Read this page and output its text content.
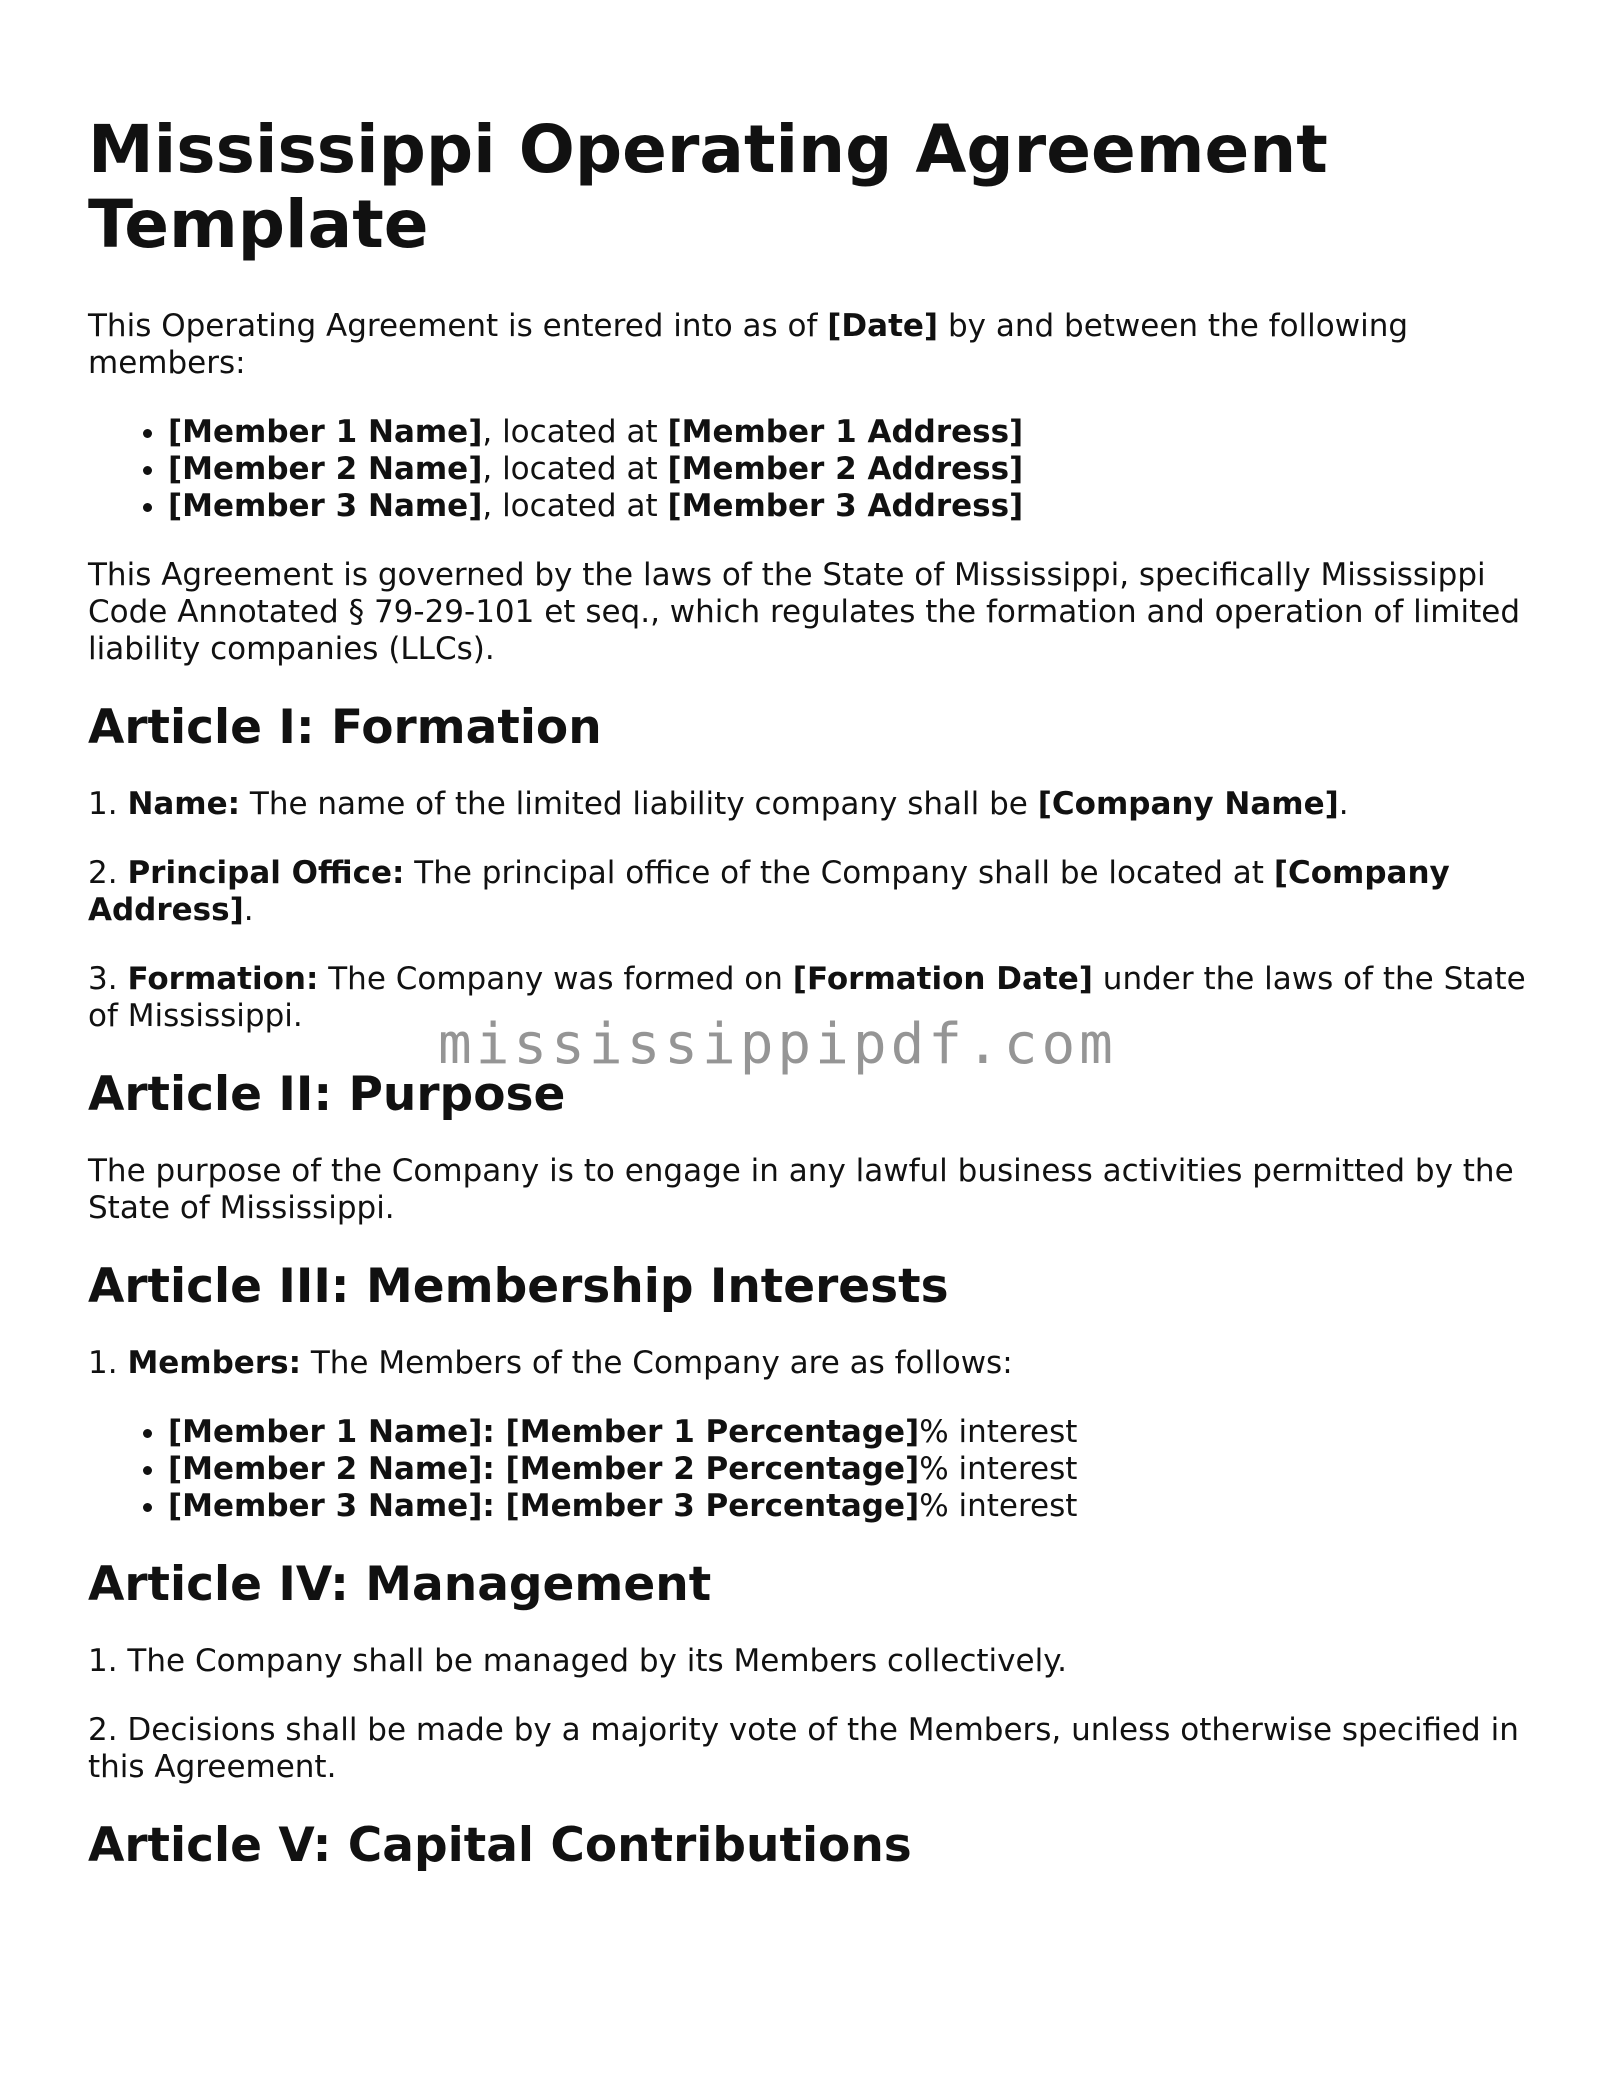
Mississippi Operating Agreement Template

This Operating Agreement is entered into as of [Date] by and between the following members:

• [Member 1 Name], located at [Member 1 Address]
• [Member 2 Name], located at [Member 2 Address]
• [Member 3 Name], located at [Member 3 Address]

This Agreement is governed by the laws of the State of Mississippi, specifically Mississippi Code Annotated § 79-29-101 et seq., which regulates the formation and operation of limited liability companies (LLCs).

Article I: Formation

1. Name: The name of the limited liability company shall be [Company Name].

2. Principal Office: The principal office of the Company shall be located at [Company Address].

3. Formation: The Company was formed on [Formation Date] under the laws of the State of Mississippi.

Article II: Purpose

The purpose of the Company is to engage in any lawful business activities permitted by the State of Mississippi.

Article III: Membership Interests

1. Members: The Members of the Company are as follows:

• [Member 1 Name]: [Member 1 Percentage]% interest
• [Member 2 Name]: [Member 2 Percentage]% interest
• [Member 3 Name]: [Member 3 Percentage]% interest
Article IV: Management

1. The Company shall be managed by its Members collectively.

2. Decisions shall be made by a majority vote of the Members, unless otherwise specified in this Agreement.

Article V: Capital Contributions
mississippipdf.com
